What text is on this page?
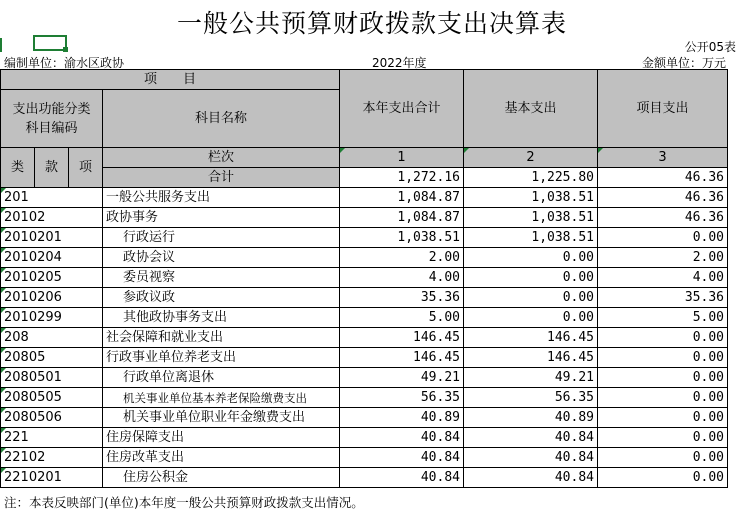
一般公共预算财政拨款支出决算表
公开05表
编制单位：渝水区政协	2022年度	金额单位：万元
项　　目				本年支出合计	基本支出	项目支出
支出功能分类
科目编码			科目名称			

类	款	项	栏次	1	2	3
			合计	1,272.16	1,225.80	46.36
201			一般公共服务支出	1,084.87	1,038.51	46.36
20102			政协事务	1,084.87	1,038.51	46.36
2010201			行政运行	1,038.51	1,038.51	0.00
2010204			政协会议	2.00	0.00	2.00
2010205			委员视察	4.00	0.00	4.00
2010206			参政议政	35.36	0.00	35.36
2010299			其他政协事务支出	5.00	0.00	5.00
208			社会保障和就业支出	146.45	146.45	0.00
20805			行政事业单位养老支出	146.45	146.45	0.00
2080501			行政单位离退休	49.21	49.21	0.00
2080505			机关事业单位基本养老保险缴费支出	56.35	56.35	0.00
2080506			机关事业单位职业年金缴费支出	40.89	40.89	0.00
221			住房保障支出	40.84	40.84	0.00
22102			住房改革支出	40.84	40.84	0.00
2210201			住房公积金	40.84	40.84	0.00
注：本表反映部门(单位)本年度一般公共预算财政拨款支出情况。
